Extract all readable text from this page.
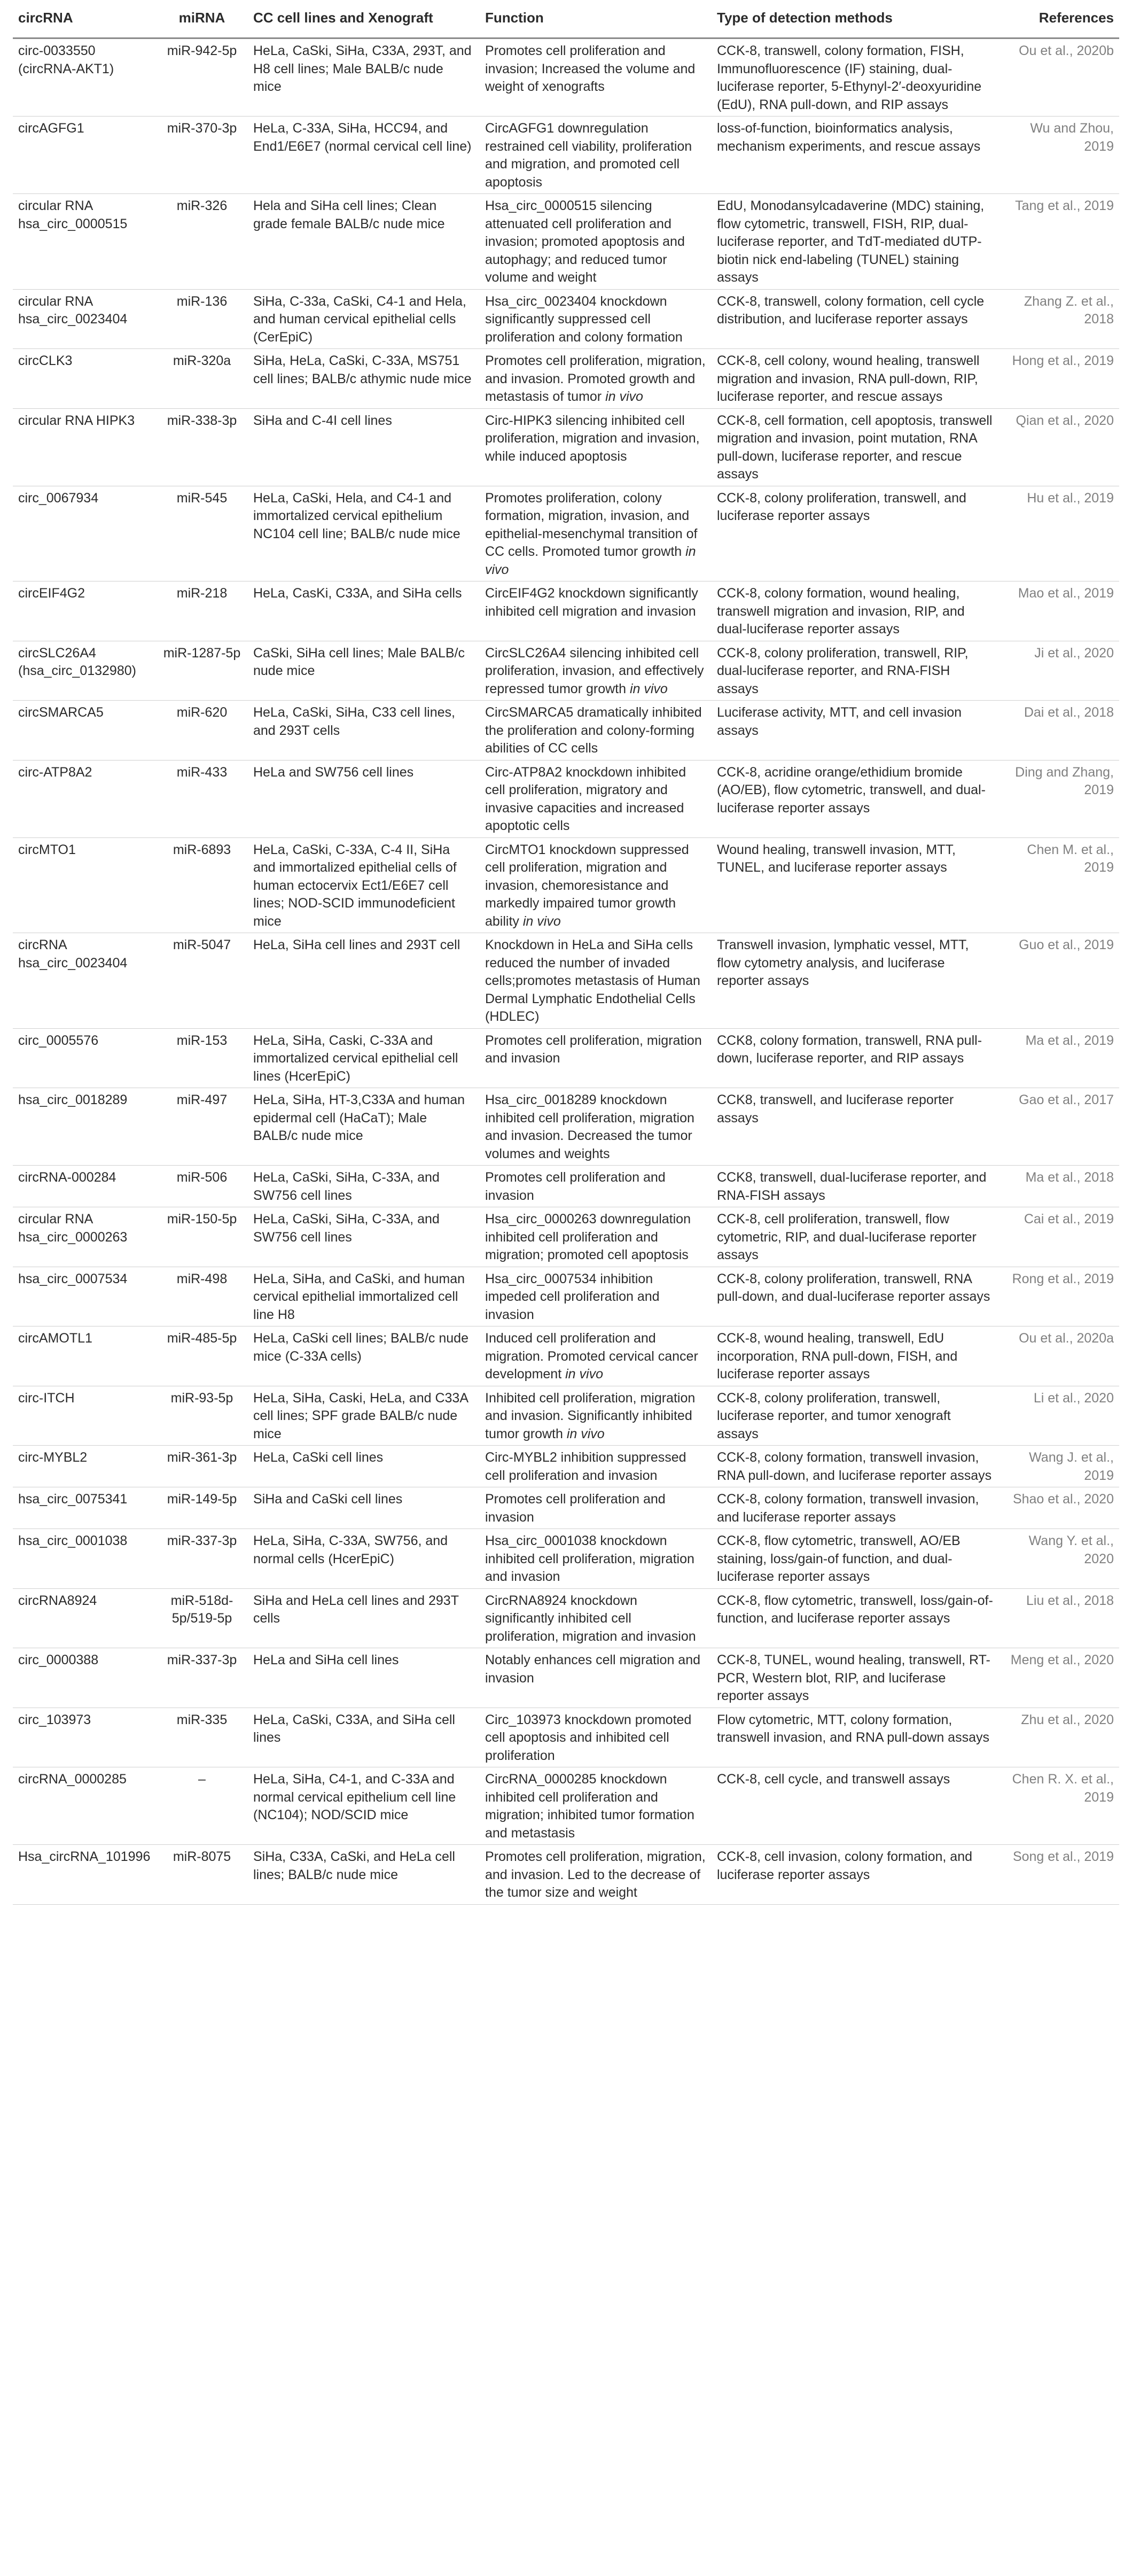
circRNA	miRNA	CC cell lines and Xenograft	Function	Type of detection methods	References
circ-0033550 (circRNA-AKT1)	miR-942-5p	HeLa, CaSki, SiHa, C33A, 293T, and H8 cell lines; Male BALB/c nude mice	Promotes cell proliferation and invasion; Increased the volume and weight of xenografts	CCK-8, transwell, colony formation, FISH, Immunofluorescence (IF) staining, dual-luciferase reporter, 5-Ethynyl-2′-deoxyuridine (EdU), RNA pull-down, and RIP assays	Ou et al., 2020b
circAGFG1	miR-370-3p	HeLa, C-33A, SiHa, HCC94, and End1/E6E7 (normal cervical cell line)	CircAGFG1 downregulation restrained cell viability, proliferation and migration, and promoted cell apoptosis	loss-of-function, bioinformatics analysis, mechanism experiments, and rescue assays	Wu and Zhou, 2019
circular RNA hsa_circ_0000515	miR-326	Hela and SiHa cell lines; Clean grade female BALB/c nude mice	Hsa_circ_0000515 silencing attenuated cell proliferation and invasion; promoted apoptosis and autophagy; and reduced tumor volume and weight	EdU, Monodansylcadaverine (MDC) staining, flow cytometric, transwell, FISH, RIP, dual-luciferase reporter, and TdT-mediated dUTP-biotin nick end-labeling (TUNEL) staining assays	Tang et al., 2019
circular RNA hsa_circ_0023404	miR-136	SiHa, C-33a, CaSki, C4-1 and Hela, and human cervical epithelial cells (CerEpiC)	Hsa_circ_0023404 knockdown significantly suppressed cell proliferation and colony formation	CCK-8, transwell, colony formation, cell cycle distribution, and luciferase reporter assays	Zhang Z. et al., 2018
circCLK3	miR-320a	SiHa, HeLa, CaSki, C-33A, MS751 cell lines; BALB/c athymic nude mice	Promotes cell proliferation, migration, and invasion. Promoted growth and metastasis of tumor in vivo	CCK-8, cell colony, wound healing, transwell migration and invasion, RNA pull-down, RIP, luciferase reporter, and rescue assays	Hong et al., 2019
circular RNA HIPK3	miR-338-3p	SiHa and C-4I cell lines	Circ-HIPK3 silencing inhibited cell proliferation, migration and invasion, while induced apoptosis	CCK-8, cell formation, cell apoptosis, transwell migration and invasion, point mutation, RNA pull-down, luciferase reporter, and rescue assays	Qian et al., 2020
circ_0067934	miR-545	HeLa, CaSki, Hela, and C4-1 and immortalized cervical epithelium NC104 cell line; BALB/c nude mice	Promotes proliferation, colony formation, migration, invasion, and epithelial-mesenchymal transition of CC cells. Promoted tumor growth in vivo	CCK-8, colony proliferation, transwell, and luciferase reporter assays	Hu et al., 2019
circEIF4G2	miR-218	HeLa, CasKi, C33A, and SiHa cells	CircEIF4G2 knockdown significantly inhibited cell migration and invasion	CCK-8, colony formation, wound healing, transwell migration and invasion, RIP, and dual-luciferase reporter assays	Mao et al., 2019
circSLC26A4 (hsa_circ_0132980)	miR-1287-5p	CaSki, SiHa cell lines; Male BALB/c nude mice	CircSLC26A4 silencing inhibited cell proliferation, invasion, and effectively repressed tumor growth in vivo	CCK-8, colony proliferation, transwell, RIP, dual-luciferase reporter, and RNA-FISH assays	Ji et al., 2020
circSMARCA5	miR-620	HeLa, CaSki, SiHa, C33 cell lines, and 293T cells	CircSMARCA5 dramatically inhibited the proliferation and colony-forming abilities of CC cells	Luciferase activity, MTT, and cell invasion assays	Dai et al., 2018
circ-ATP8A2	miR-433	HeLa and SW756 cell lines	Circ-ATP8A2 knockdown inhibited cell proliferation, migratory and invasive capacities and increased apoptotic cells	CCK-8, acridine orange/ethidium bromide (AO/EB), flow cytometric, transwell, and dual-luciferase reporter assays	Ding and Zhang, 2019
circMTO1	miR-6893	HeLa, CaSki, C-33A, C-4 II, SiHa and immortalized epithelial cells of human ectocervix Ect1/E6E7 cell lines; NOD-SCID immunodeficient mice	CircMTO1 knockdown suppressed cell proliferation, migration and invasion, chemoresistance and markedly impaired tumor growth ability in vivo	Wound healing, transwell invasion, MTT, TUNEL, and luciferase reporter assays	Chen M. et al., 2019
circRNA hsa_circ_0023404	miR-5047	HeLa, SiHa cell lines and 293T cell	Knockdown in HeLa and SiHa cells reduced the number of invaded cells;promotes metastasis of Human Dermal Lymphatic Endothelial Cells (HDLEC)	Transwell invasion, lymphatic vessel, MTT, flow cytometry analysis, and luciferase reporter assays	Guo et al., 2019
circ_0005576	miR-153	HeLa, SiHa, Caski, C-33A and immortalized cervical epithelial cell lines (HcerEpiC)	Promotes cell proliferation, migration and invasion	CCK8, colony formation, transwell, RNA pull-down, luciferase reporter, and RIP assays	Ma et al., 2019
hsa_circ_0018289	miR-497	HeLa, SiHa, HT-3,C33A and human epidermal cell (HaCaT); Male BALB/c nude mice	Hsa_circ_0018289 knockdown inhibited cell proliferation, migration and invasion. Decreased the tumor volumes and weights	CCK8, transwell, and luciferase reporter assays	Gao et al., 2017
circRNA-000284	miR-506	HeLa, CaSki, SiHa, C-33A, and SW756 cell lines	Promotes cell proliferation and invasion	CCK8, transwell, dual-luciferase reporter, and RNA-FISH assays	Ma et al., 2018
circular RNA hsa_circ_0000263	miR-150-5p	HeLa, CaSki, SiHa, C-33A, and SW756 cell lines	Hsa_circ_0000263 downregulation inhibited cell proliferation and migration; promoted cell apoptosis	CCK-8, cell proliferation, transwell, flow cytometric, RIP, and dual-luciferase reporter assays	Cai et al., 2019
hsa_circ_0007534	miR-498	HeLa, SiHa, and CaSki, and human cervical epithelial immortalized cell line H8	Hsa_circ_0007534 inhibition impeded cell proliferation and invasion	CCK-8, colony proliferation, transwell, RNA pull-down, and dual-luciferase reporter assays	Rong et al., 2019
circAMOTL1	miR-485-5p	HeLa, CaSki cell lines; BALB/c nude mice (C-33A cells)	Induced cell proliferation and migration. Promoted cervical cancer development in vivo	CCK-8, wound healing, transwell, EdU incorporation, RNA pull-down, FISH, and luciferase reporter assays	Ou et al., 2020a
circ-ITCH	miR-93-5p	HeLa, SiHa, Caski, HeLa, and C33A cell lines; SPF grade BALB/c nude mice	Inhibited cell proliferation, migration and invasion. Significantly inhibited tumor growth in vivo	CCK-8, colony proliferation, transwell, luciferase reporter, and tumor xenograft assays	Li et al., 2020
circ-MYBL2	miR-361-3p	HeLa, CaSki cell lines	Circ-MYBL2 inhibition suppressed cell proliferation and invasion	CCK-8, colony formation, transwell invasion, RNA pull-down, and luciferase reporter assays	Wang J. et al., 2019
hsa_circ_0075341	miR-149-5p	SiHa and CaSki cell lines	Promotes cell proliferation and invasion	CCK-8, colony formation, transwell invasion, and luciferase reporter assays	Shao et al., 2020
hsa_circ_0001038	miR-337-3p	HeLa, SiHa, C-33A, SW756, and normal cells (HcerEpiC)	Hsa_circ_0001038 knockdown inhibited cell proliferation, migration and invasion	CCK-8, flow cytometric, transwell, AO/EB staining, loss/gain-of function, and dual-luciferase reporter assays	Wang Y. et al., 2020
circRNA8924	miR-518d-5p/519-5p	SiHa and HeLa cell lines and 293T cells	CircRNA8924 knockdown significantly inhibited cell proliferation, migration and invasion	CCK-8, flow cytometric, transwell, loss/gain-of-function, and luciferase reporter assays	Liu et al., 2018
circ_0000388	miR-337-3p	HeLa and SiHa cell lines	Notably enhances cell migration and invasion	CCK-8, TUNEL, wound healing, transwell, RT-PCR, Western blot, RIP, and luciferase reporter assays	Meng et al., 2020
circ_103973	miR-335	HeLa, CaSki, C33A, and SiHa cell lines	Circ_103973 knockdown promoted cell apoptosis and inhibited cell proliferation	Flow cytometric, MTT, colony formation, transwell invasion, and RNA pull-down assays	Zhu et al., 2020
circRNA_0000285	–	HeLa, SiHa, C4-1, and C-33A and normal cervical epithelium cell line (NC104); NOD/SCID mice	CircRNA_0000285 knockdown inhibited cell proliferation and migration; inhibited tumor formation and metastasis	CCK-8, cell cycle, and transwell assays	Chen R. X. et al., 2019
Hsa_circRNA_101996	miR-8075	SiHa, C33A, CaSki, and HeLa cell lines; BALB/c nude mice	Promotes cell proliferation, migration, and invasion. Led to the decrease of the tumor size and weight	CCK-8, cell invasion, colony formation, and luciferase reporter assays	Song et al., 2019
